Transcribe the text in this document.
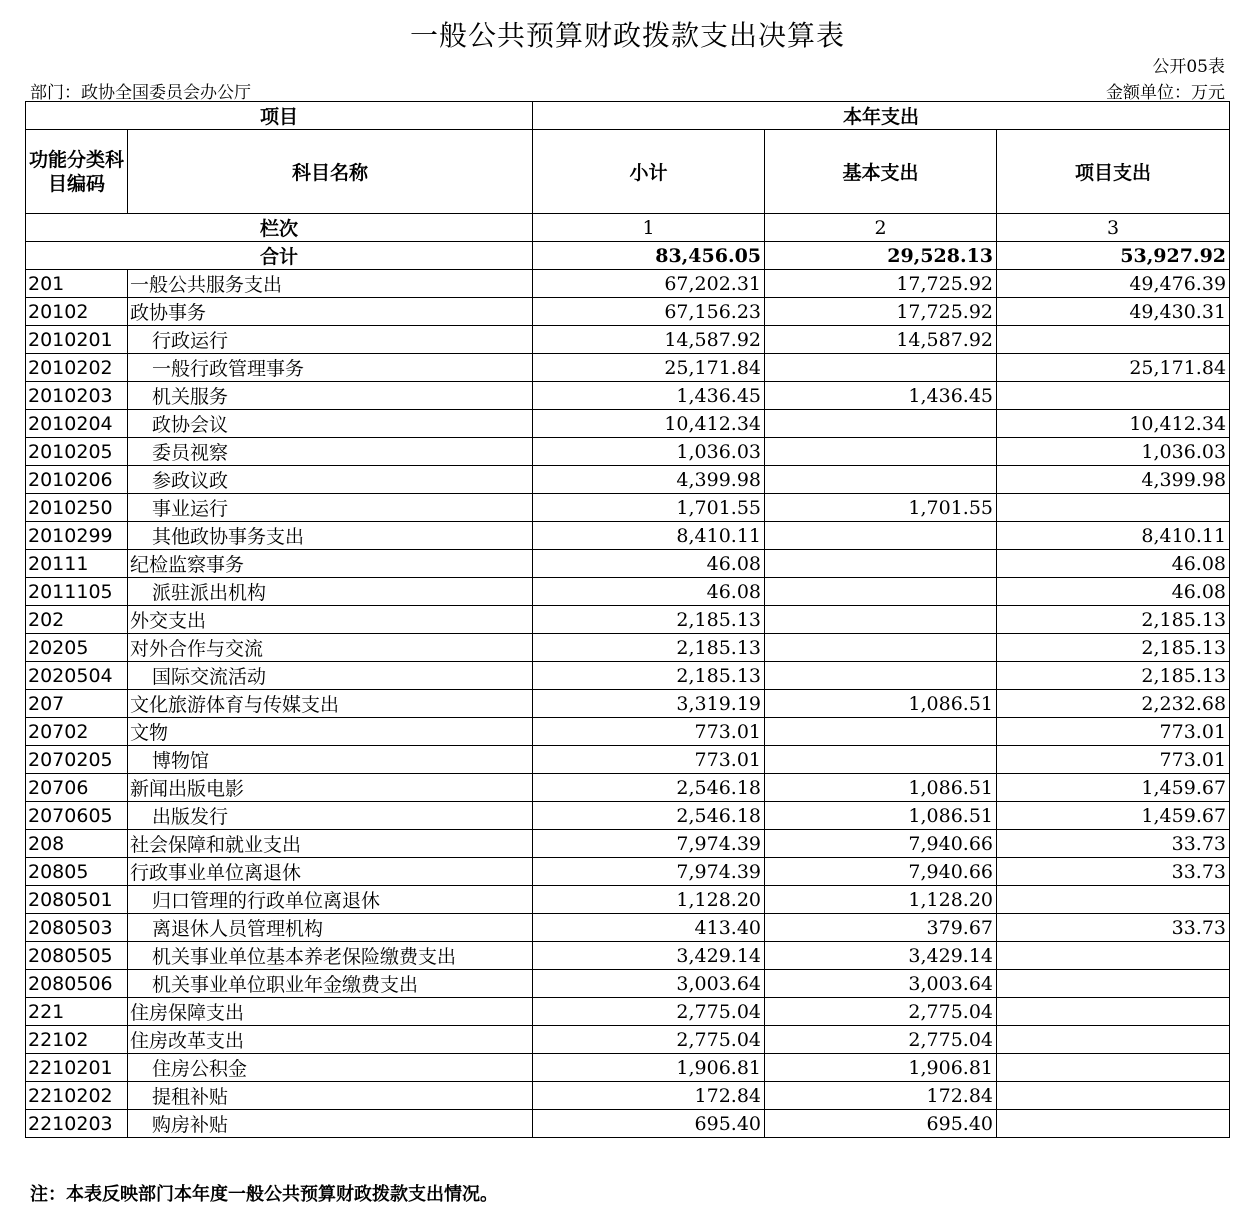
一般公共预算财政拨款支出决算表
公开05表
部门：政协全国委员会办公厅	金额单位：万元
项目		本年支出		
功能分类科目编码	科目名称	小计	基本支出	项目支出
栏次		1	2	3
合计		83,456.05	29,528.13	53,927.92
201	一般公共服务支出	67,202.31	17,725.92	49,476.39
20102	政协事务	67,156.23	17,725.92	49,430.31
2010201	行政运行	14,587.92	14,587.92	
2010202	一般行政管理事务	25,171.84		25,171.84
2010203	机关服务	1,436.45	1,436.45	
2010204	政协会议	10,412.34		10,412.34
2010205	委员视察	1,036.03		1,036.03
2010206	参政议政	4,399.98		4,399.98
2010250	事业运行	1,701.55	1,701.55	
2010299	其他政协事务支出	8,410.11		8,410.11
20111	纪检监察事务	46.08		46.08
2011105	派驻派出机构	46.08		46.08
202	外交支出	2,185.13		2,185.13
20205	对外合作与交流	2,185.13		2,185.13
2020504	国际交流活动	2,185.13		2,185.13
207	文化旅游体育与传媒支出	3,319.19	1,086.51	2,232.68
20702	文物	773.01		773.01
2070205	博物馆	773.01		773.01
20706	新闻出版电影	2,546.18	1,086.51	1,459.67
2070605	出版发行	2,546.18	1,086.51	1,459.67
208	社会保障和就业支出	7,974.39	7,940.66	33.73
20805	行政事业单位离退休	7,974.39	7,940.66	33.73
2080501	归口管理的行政单位离退休	1,128.20	1,128.20	
2080503	离退休人员管理机构	413.40	379.67	33.73
2080505	机关事业单位基本养老保险缴费支出	3,429.14	3,429.14	
2080506	机关事业单位职业年金缴费支出	3,003.64	3,003.64	
221	住房保障支出	2,775.04	2,775.04	
22102	住房改革支出	2,775.04	2,775.04	
2210201	住房公积金	1,906.81	1,906.81	
2210202	提租补贴	172.84	172.84	
2210203	购房补贴	695.40	695.40	
注：本表反映部门本年度一般公共预算财政拨款支出情况。
